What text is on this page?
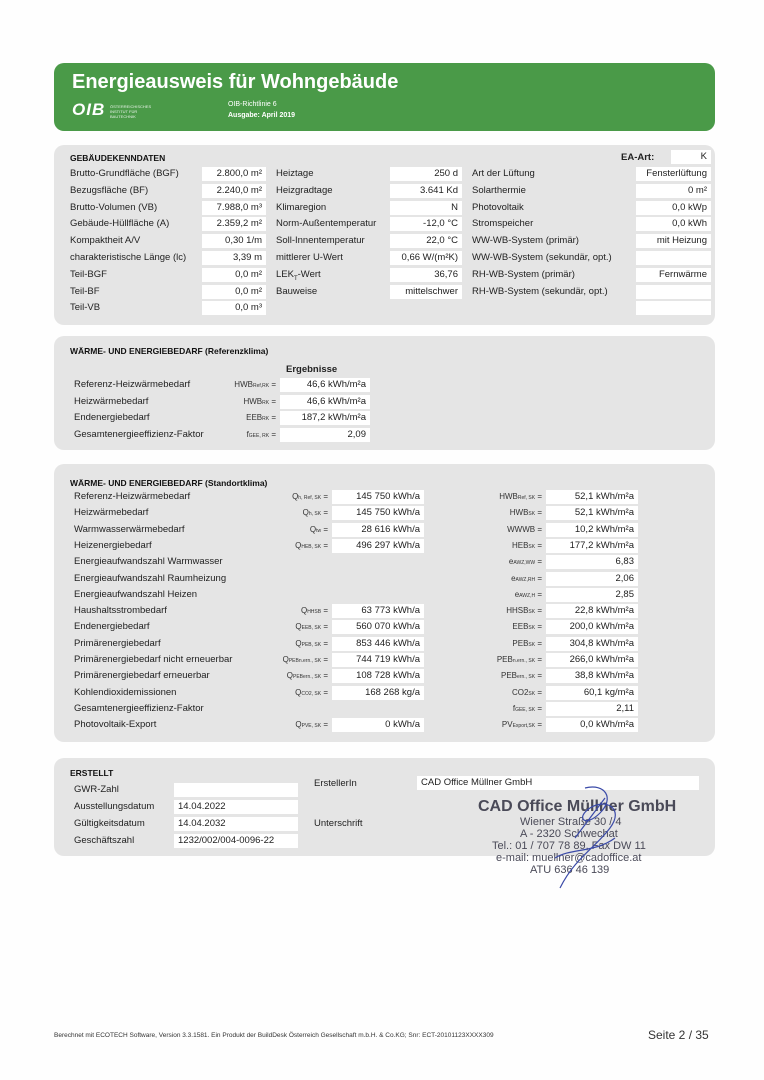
Energieausweis für Wohngebäude
OIB ÖSTERREICHISCHES INSTITUT FÜR BAUTECHNIK
OIB-Richtlinie 6
Ausgabe: April 2019
GEBÄUDEKENNDATEN	EA-Art:	K
Brutto-Grundfläche (BGF)	2.800,0 m²
Bezugsfläche (BF)	2.240,0 m²
Brutto-Volumen (VB)	7.988,0 m³
Gebäude-Hüllfläche (A)	2.359,2 m²
Kompaktheit A/V	0,30 1/m
charakteristische Länge (lc)	3,39 m
Teil-BGF	0,0 m²
Teil-BF	0,0 m²
Teil-VB	0,0 m³
Heiztage	250 d
Heizgradtage	3.641 Kd
Klimaregion	N
Norm-Außentemperatur	-12,0 °C
Soll-Innentemperatur	22,0 °C
mittlerer U-Wert	0,66 W/(m²K)
$LEK_T$-Wert	36,76
Bauweise	mittelschwer
Art der Lüftung	Fensterlüftung
Solarthermie	0 m²
Photovoltaik	0,0 kWp
Stromspeicher	0,0 kWh
WW-WB-System (primär)	mit Heizung
WW-WB-System (sekundär, opt.)
RH-WB-System (primär)	Fernwärme
RH-WB-System (sekundär, opt.)
WÄRME- UND ENERGIEBEDARF (Referenzklima)
Ergebnisse
Referenz-Heizwärmebedarf	HWBRef,RK =	46,6 kWh/m²a
Heizwärmebedarf	HWBRK =	46,6 kWh/m²a
Endenergiebedarf	EEBRK =	187,2 kWh/m²a
Gesamtenergieeffizienz-Faktor	fGEE, RK =	2,09
WÄRME- UND ENERGIEBEDARF (Standortklima)
Referenz-Heizwärmebedarf	Qh, Ref, SK =	145 750 kWh/a	HWBRef, SK =	52,1 kWh/m²a
Heizwärmebedarf	Qh, SK =	145 750 kWh/a	HWBSK =	52,1 kWh/m²a
Warmwasserwärmebedarf	Qtw =	28 616 kWh/a	WWWB =	10,2 kWh/m²a
Heizenergiebedarf	QHEB, SK =	496 297 kWh/a	HEBSK =	177,2 kWh/m²a
Energieaufwandszahl Warmwasser	eAWZ,WW =	6,83
Energieaufwandszahl Raumheizung	eAWZ,RH =	2,06
Energieaufwandszahl Heizen	eAWZ,H =	2,85
Haushaltsstrombedarf	QHHSB =	63 773 kWh/a	HHSBSK =	22,8 kWh/m²a
Endenergiebedarf	QEEB, SK =	560 070 kWh/a	EEBSK =	200,0 kWh/m²a
Primärenergiebedarf	QPEB, SK =	853 446 kWh/a	PEBSK =	304,8 kWh/m²a
Primärenergiebedarf nicht erneuerbar	QPEBn.ern., SK =	744 719 kWh/a	PEBn.ern., SK =	266,0 kWh/m²a
Primärenergiebedarf erneuerbar	QPEBern., SK =	108 728 kWh/a	PEBern., SK =	38,8 kWh/m²a
Kohlendioxidemissionen	QCO2, SK =	168 268 kg/a	CO2SK =	60,1 kg/m²a
Gesamtenergieeffizienz-Faktor	fGEE, SK =	2,11
Photovoltaik-Export	QPVE, SK =	0 kWh/a	PVExport,SK =	0,0 kWh/m²a
ERSTELLT
ErstellerIn	CAD Office Müllner GmbH
Unterschrift
GWR-Zahl
Ausstellungsdatum	14.04.2022
Gültigkeitsdatum	14.04.2032
Geschäftszahl	1232/002/004-0096-22
CAD Office Müllner GmbH
Wiener Straße 30 / 4
A - 2320 Schwechat
Tel.: 01 / 707 78 89, Fax DW 11
e-mail: muellner@cadoffice.at
ATU 636 46 139
Berechnet mit ECOTECH Software, Version 3.3.1581. Ein Produkt der BuildDesk Österreich Gesellschaft m.b.H. & Co.KG; Snr: ECT-20101123XXXX309	Seite 2 / 35
